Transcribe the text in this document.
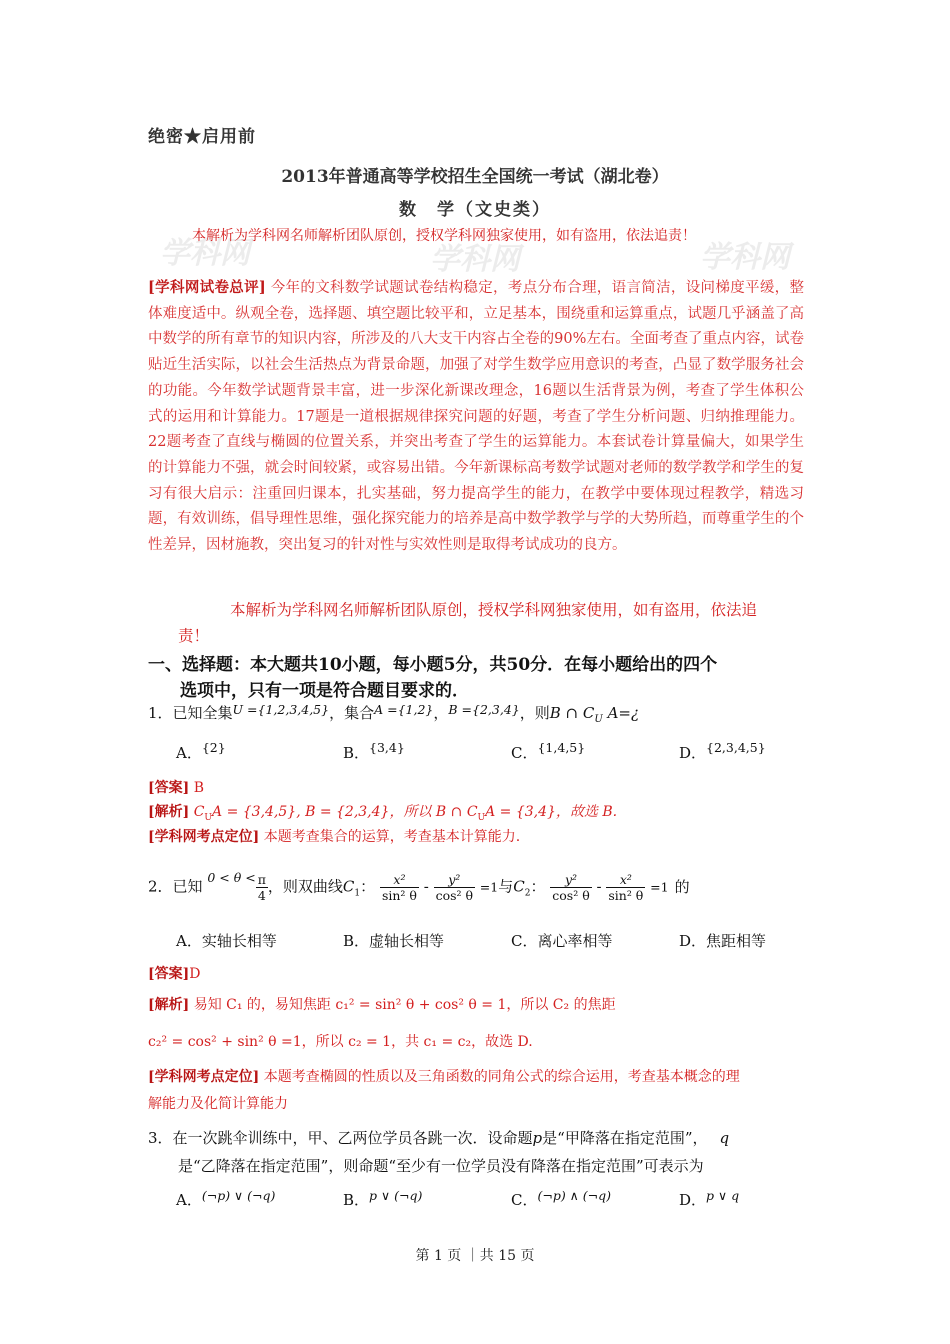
绝密★启用前
2013年普通高等学校招生全国统一考试（湖北卷）
数　学（文史类）
学科网	学科网	学科网
本解析为学科网名师解析团队原创，授权学科网独家使用，如有盗用，依法追责！
[学科网试卷总评] 今年的文科数学试题试卷结构稳定，考点分布合理，语言简洁，设问梯度平缓，整体难度适中。纵观全卷，选择题、填空题比较平和，立足基本，围绕重和运算重点，试题几乎涵盖了高中数学的所有章节的知识内容，所涉及的八大支干内容占全卷的90%左右。全面考查了重点内容，试卷贴近生活实际，以社会生活热点为背景命题，加强了对学生数学应用意识的考查，凸显了数学服务社会的功能。今年数学试题背景丰富，进一步深化新课改理念，16题以生活背景为例，考查了学生体积公式的运用和计算能力。17题是一道根据规律探究问题的好题，考查了学生分析问题、归纳推理能力。22题考查了直线与椭圆的位置关系，并突出考查了学生的运算能力。本套试卷计算量偏大，如果学生的计算能力不强，就会时间较紧，或容易出错。今年新课标高考数学试题对老师的数学教学和学生的复习有很大启示：注重回归课本，扎实基础，努力提高学生的能力，在教学中要体现过程教学，精选习题，有效训练，倡导理性思维，强化探究能力的培养是高中数学教学与学的大势所趋，而尊重学生的个性差异，因材施教，突出复习的针对性与实效性则是取得考试成功的良方。
本解析为学科网名师解析团队原创，授权学科网独家使用，如有盗用，依法追
责！
一、选择题：本大题共10小题，每小题5分，共50分．在每小题给出的四个
选项中，只有一项是符合题目要求的．
1．已知全集$^{U =\{1,2,3,4,5\}}$，集合$^{A =\{1,2\}}$，$^{B =\{2,3,4\}}$，则B ∩ $C_U$ A=¿
A．$^{\{2\}}$	B．$^{\{3,4\}}$	C．$^{\{1,4,5\}}$	D．$^{\{2,3,4,5\}}$
[答案] B
[解析] $C_UA = \{3,4,5\}$, B = {2,3,4}，所以 B ∩ $C_UA = \{3,4\}$，故选 B.
[学科网考点定位] 本题考查集合的运算，考查基本计算能力.
2．已知 $0 < \theta < \frac{\pi}{4}$ ，则双曲线$C_1$： $\frac{\text{x²}}{\text{sin² θ}} - \frac{\text{y²}}{\text{cos² θ}} =1$与$C_2$： $\frac{\text{y²}}{\text{cos² θ}} - \frac{\text{x²}}{\text{sin² θ}} =1$ 的
A．实轴长相等	B．虚轴长相等	C．离心率相等	D．焦距相等
[答案]D
[解析] 易知 C₁ 的，易知焦距 c₁² = sin² θ + cos² θ = 1，所以 C₂ 的焦距
c₂² = cos² + sin² θ =1，所以 c₂ = 1，共 c₁ = c₂，故选 D.
[学科网考点定位] 本题考查椭圆的性质以及三角函数的同角公式的综合运用，考查基本概念的理
解能力及化简计算能力
3．在一次跳伞训练中，甲、乙两位学员各跳一次．设命题p是“甲降落在指定范围”， q
是“乙降落在指定范围”，则命题“至少有一位学员没有降落在指定范围”可表示为
A．$^{(\neg p) \vee (\neg q)}$	B．$^{p \vee (\neg q)}$	C．$^{(\neg p) \wedge (\neg q)}$	D．$^{p \vee q}$
第 1 页 ｜共 15 页
